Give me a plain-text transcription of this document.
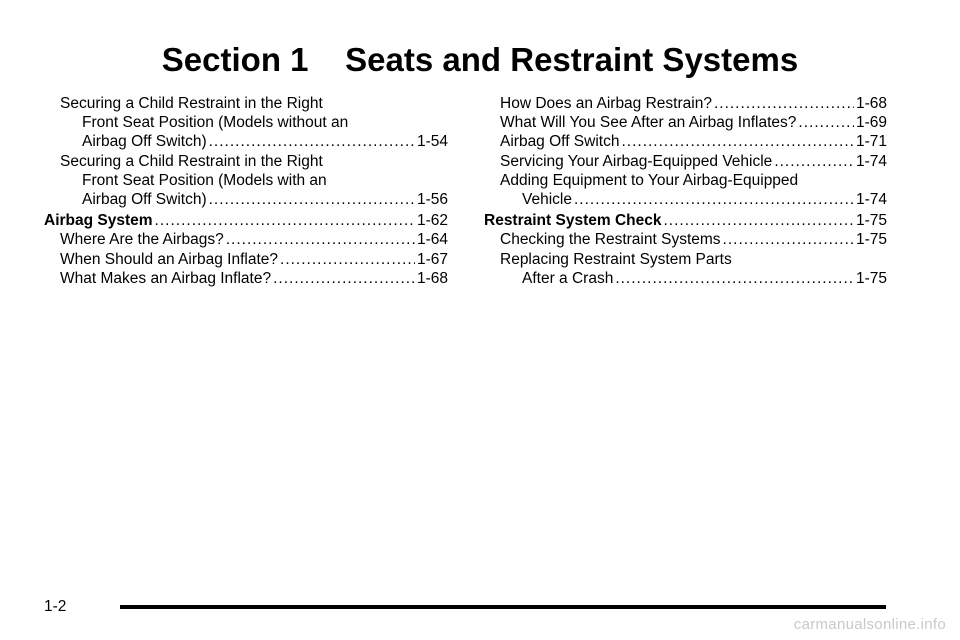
Section 1    Seats and Restraint Systems
Securing a Child Restraint in the Right
Front Seat Position (Models without an
Airbag Off Switch) .....	1-54
Securing a Child Restraint in the Right
Front Seat Position (Models with an
Airbag Off Switch) .....	1-56
Airbag System .....	1-62
Where Are the Airbags? .....	1-64
When Should an Airbag Inflate? .....	1-67
What Makes an Airbag Inflate? .....	1-68
How Does an Airbag Restrain? .....	1-68
What Will You See After an Airbag Inflates? .....	1-69
Airbag Off Switch .....	1-71
Servicing Your Airbag-Equipped Vehicle .....	1-74
Adding Equipment to Your Airbag-Equipped
Vehicle .....	1-74
Restraint System Check .....	1-75
Checking the Restraint Systems .....	1-75
Replacing Restraint System Parts
After a Crash .....	1-75
1-2
carmanualsonline.info
